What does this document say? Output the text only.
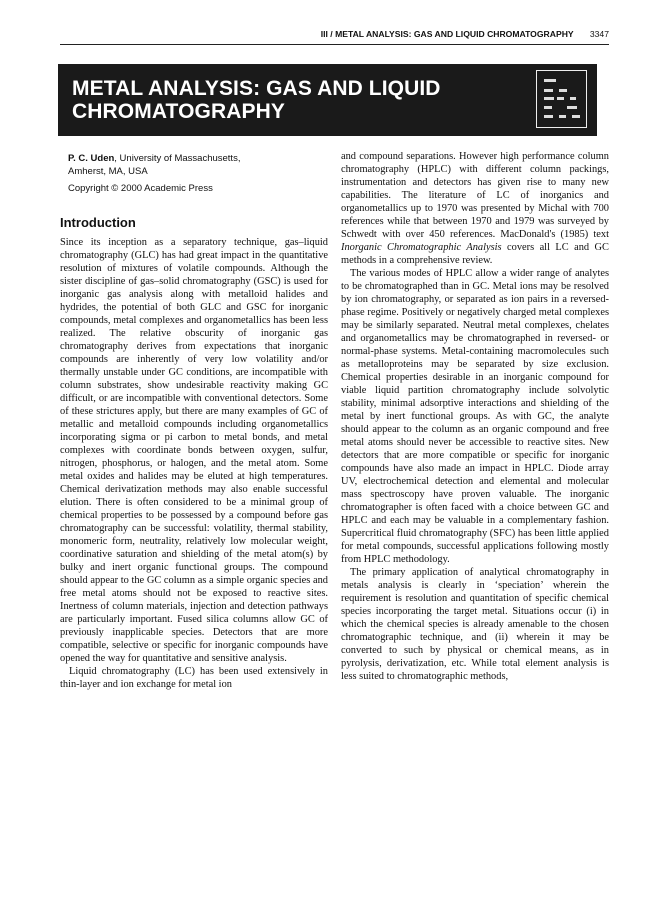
III / METAL ANALYSIS: GAS AND LIQUID CHROMATOGRAPHY 3347
METAL ANALYSIS: GAS AND LIQUID
CHROMATOGRAPHY
P. C. Uden, University of Massachusetts,
Amherst, MA, USA
Copyright © 2000 Academic Press
Introduction

Since its inception as a separatory technique, gas–liquid chromatography (GLC) has had great impact in the quantitative resolution of mixtures of volatile compounds. Although the sister discipline of gas–solid chromatography (GSC) is used for inorganic gas analysis along with metalloid halides and hydrides, the potential of both GLC and GSC for inorganic compounds, metal complexes and organometallics has been less realized. The relative obscurity of inorganic gas chromatography derives from expectations that inorganic compounds are inherently of very low volatility and/or thermally unstable under GC conditions, are incompatible with column substrates, show undesirable reactivity making GC difficult, or are incompatible with conventional detectors. Some of these strictures apply, but there are many examples of GC of metallic and metalloid compounds including organometallics incorporating sigma or pi carbon to metal bonds, and metal complexes with coordinate bonds between oxygen, sulfur, nitrogen, phosphorus, or halogen, and the metal atom. Some metal oxides and halides may be eluted at high temperatures. Chemical derivatization methods may also enable successful elution. There is often considered to be a minimal group of chemical properties to be possessed by a compound before gas chromatography can be successful: volatility, thermal stability, monomeric form, neutrality, relatively low molecular weight, coordinative saturation and shielding of the metal atom(s) by bulky and inert organic functional groups. The compound should appear to the GC column as a simple organic species and free metal atoms should not be exposed to reactive sites. Inertness of column materials, injection and detection pathways are particularly important. Fused silica columns allow GC of previously inapplicable species. Detectors that are more compatible, selective or specific for inorganic compounds have opened the way for quantitative and sensitive analysis.

Liquid chromatography (LC) has been used extensively in thin-layer and ion exchange for metal ion

and compound separations. However high performance column chromatography (HPLC) with different column packings, instrumentation and detectors has given rise to many new capabilities. The literature of LC of inorganics and organometallics up to 1970 was presented by Michal with 700 references while that between 1970 and 1979 was surveyed by Schwedt with over 450 references. MacDonald's (1985) text Inorganic Chromatographic Analysis covers all LC and GC methods in a comprehensive review.

The various modes of HPLC allow a wider range of analytes to be chromatographed than in GC. Metal ions may be resolved by ion chromatography, or separated as ion pairs in a reversed-phase regime. Positively or negatively charged metal complexes may be similarly separated. Neutral metal complexes, chelates and organometallics may be chromatographed in reversed- or normal-phase systems. Metal-containing macromolecules such as metalloproteins may be separated by size exclusion. Chemical properties desirable in an inorganic compound for viable liquid partition chromatography include solvolytic stability, minimal adsorptive interactions and shielding of the metal by inert functional groups. As with GC, the analyte should appear to the column as an organic compound and free metal atoms should never be accessible to reactive sites. New detectors that are more compatible or specific for inorganic compounds have also made an impact in HPLC. Diode array UV, electrochemical detection and elemental and molecular mass spectroscopy have proven valuable. The inorganic chromatographer is often faced with a choice between GC and HPLC and each may be valuable in a complementary fashion. Supercritical fluid chromatography (SFC) has been little applied for metal compounds, successful applications following mostly from HPLC methodology.

The primary application of analytical chromatography in metals analysis is clearly in ‘speciation’ wherein the requirement is resolution and quantitation of specific chemical species incorporating the target metal. Situations occur (i) in which the chemical species is already amenable to the chosen chromatographic technique, and (ii) wherein it may be converted to such by physical or chemical means, as in pyrolysis, derivatization, etc. While total element analysis is less suited to chromatographic methods,
